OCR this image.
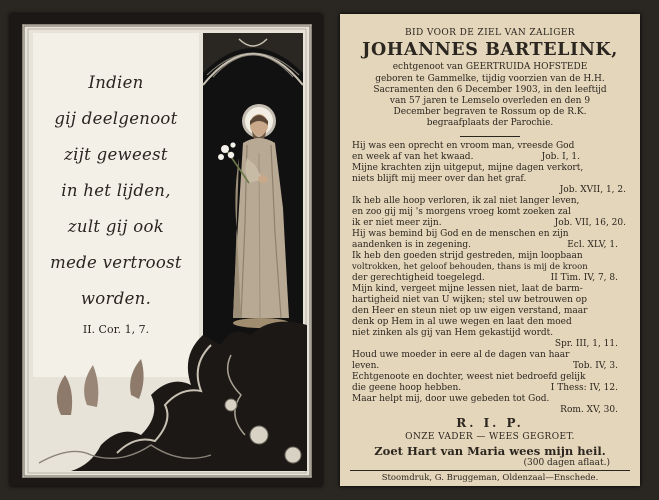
Indien
gij deelgenoot
zijt geweest
in het lijden,
zult gij ook
mede vertroost
worden.
II. Cor. 1, 7.
BID VOOR DE ZIEL VAN ZALIGER
JOHANNES BARTELINK,
echtgenoot van GEERTRUIDA HOFSTEDE
geboren te Gammelke, tijdig voorzien van de H.H.
Sacramenten den 6 December 1903, in den leeftijd
van 57 jaren te Lemselo overleden en den 9
December begraven te Rossum op de R.K.
begraafplaats der Parochie.
Hij was een oprecht en vroom man, vreesde God
en week af van het kwaad.	Job. I, 1.
Mijne krachten zijn uitgeput, mijne dagen verkort,
niets blijft mij meer over dan het graf.
Job. XVII, 1, 2.
Ik heb alle hoop verloren, ik zal niet langer leven,
en zoo gij mij 's morgens vroeg komt zoeken zal
ik er niet meer zijn.	Job. VII, 16, 20.
Hij was bemind bij God en de menschen en zijn
aandenken is in zegening.	Ecl. XLV, 1.
Ik heb den goeden strijd gestreden, mijn loopbaan
voltrokken, het geloof behouden, thans is mij de kroon
der gerechtigheid toegelegd.	II Tim. IV, 7, 8.
Mijn kind, vergeet mijne lessen niet, laat de barm-
hartigheid niet van U wijken; stel uw betrouwen op
den Heer en steun niet op uw eigen verstand, maar
denk op Hem in al uwe wegen en laat den moed
niet zinken als gij van Hem gekastijd wordt.
Spr. III, 1, 11.
Houd uwe moeder in eere al de dagen van haar
leven.	Tob. IV, 3.
Echtgenoote en dochter, weest niet bedroefd gelijk
die geene hoop hebben.	I Thess: IV, 12.
Maar helpt mij, door uwe gebeden tot God.
Rom. XV, 30.
R. I. P.
ONZE VADER — WEES GEGROET.
Zoet Hart van Maria wees mijn heil.
(300 dagen aflaat.)
Stoomdruk, G. Bruggeman, Oldenzaal—Enschede.
